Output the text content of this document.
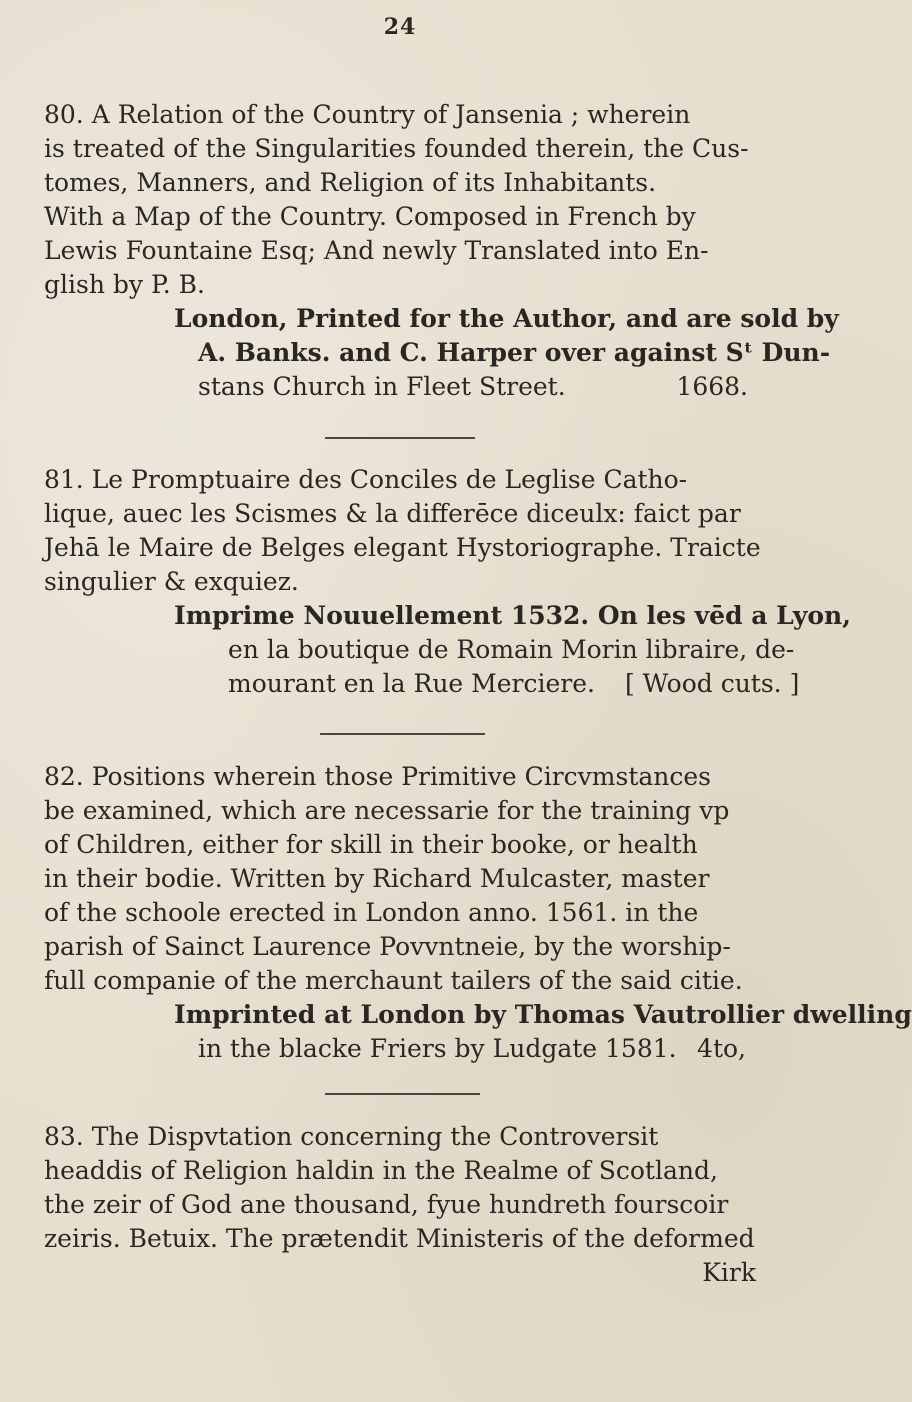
24
80. A Relation of the Country of Jansenia ; wherein
is treated of the Singularities founded therein, the Cus-
tomes, Manners, and Religion of its Inhabitants.
With a Map of the Country. Composed in French by
Lewis Fountaine Esq; And newly Translated into En-
glish by P. B.
London, Printed for the Author, and are sold by
A. Banks. and C. Harper over against Sᵗ Dun-
stans Church in Fleet Street.	1668.
81. Le Promptuaire des Conciles de Leglise Catho-
lique, auec les Scismes & la differēce diceulx: faict par
Jehā le Maire de Belges elegant Hystoriographe. Traicte
singulier & exquiez.
Imprime Nouuellement 1532. On les vēd a Lyon,
en la boutique de Romain Morin libraire, de-
mourant en la Rue Merciere. [ Wood cuts. ]
82. Positions wherein those Primitive Circvmstances
be examined, which are necessarie for the training vp
of Children, either for skill in their booke, or health
in their bodie. Written by Richard Mulcaster, master
of the schoole erected in London anno. 1561. in the
parish of Sainct Laurence Povvntneie, by the worship-
full companie of the merchaunt tailers of the said citie.
Imprinted at London by Thomas Vautrollier dwelling
in the blacke Friers by Ludgate 1581. 4to,
83. The Dispvtation concerning the Controversit
headdis of Religion haldin in the Realme of Scotland,
the zeir of God ane thousand, fyue hundreth fourscoir
zeiris. Betuix. The prætendit Ministeris of the deformed
Kirk
